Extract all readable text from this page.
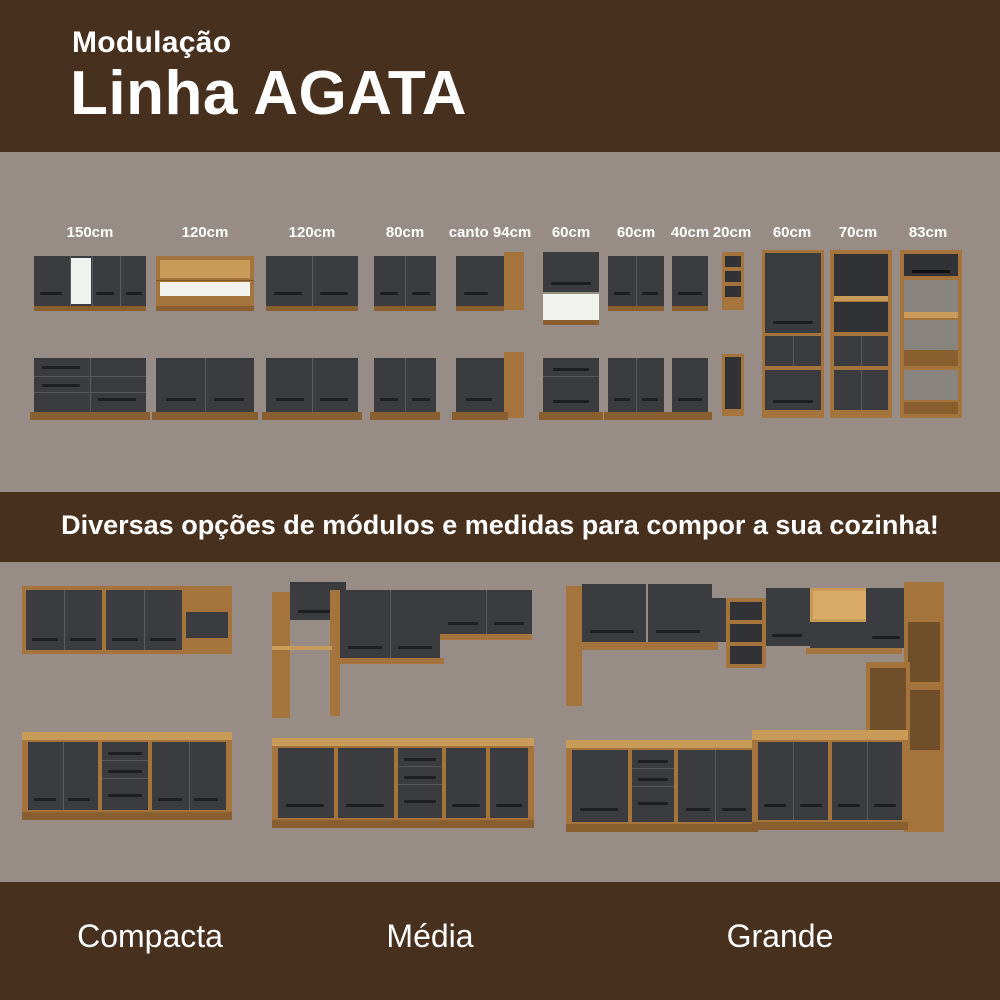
Modulação
Linha AGATA
150cm	120cm	120cm	80cm	canto 94cm	60cm	60cm	40cm 20cm	60cm	70cm	83cm
Diversas opções de módulos e medidas para compor a sua cozinha!
Compacta	Média	Grande
